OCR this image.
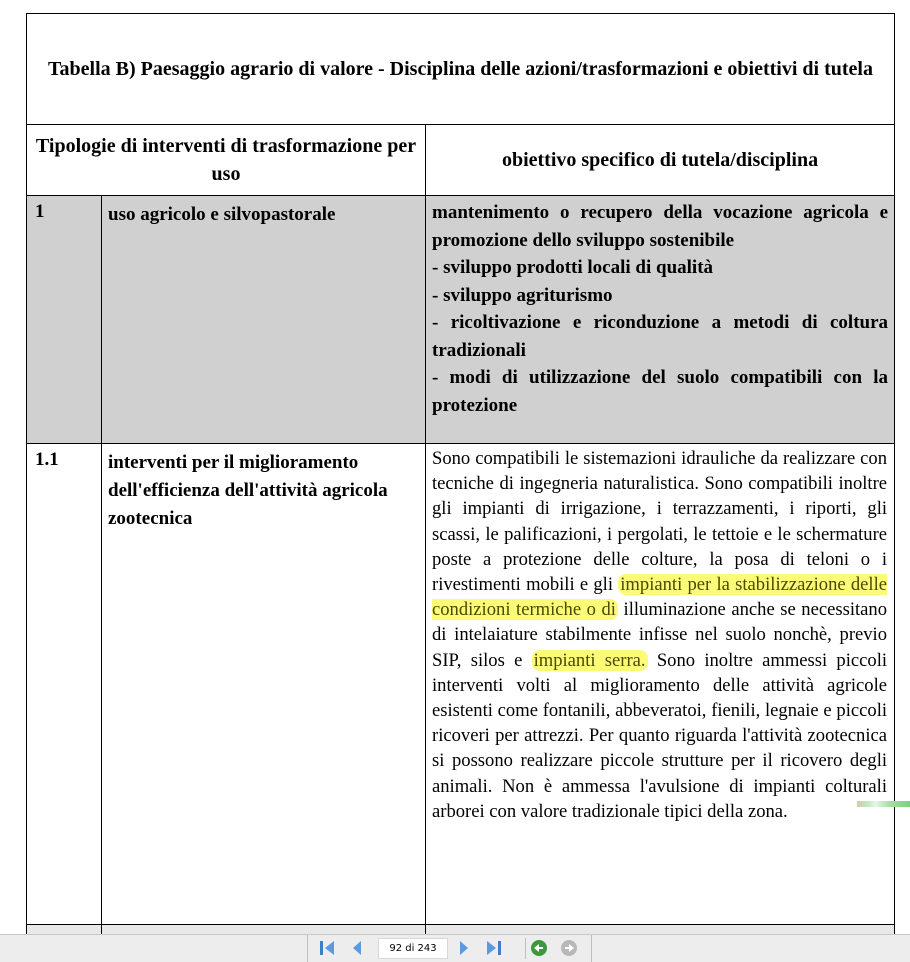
Tabella B) Paesaggio agrario di valore - Disciplina delle azioni/trasformazioni e obiettivi di tutela		
Tipologie di interventi di trasformazione per uso		obiettivo specifico di tutela/disciplina
1	uso agricolo e silvopastorale	mantenimento o recupero della vocazione agricola e promozione dello sviluppo sostenibile

- sviluppo prodotti locali di qualità

- sviluppo agriturismo

- ricoltivazione e riconduzione a metodi di coltura tradizionali

- modi di utilizzazione del suolo compatibili con la protezione

1.1	interventi per il miglioramento dell'efficienza dell'attività agricola zootecnica	Sono compatibili le sistemazioni idrauliche da realizzare con tecniche di ingegneria naturalistica. Sono compatibili inoltre gli impianti di irrigazione, i terrazzamenti, i riporti, gli scassi, le palificazioni, i pergolati, le tettoie e le schermature poste a protezione delle colture, la posa di teloni o i rivestimenti mobili e gli impianti per la stabilizzazione delle condizioni termiche o di illuminazione anche se necessitano di intelaiature stabilmente infisse nel suolo nonchè, previo SIP, silos e impianti serra. Sono inoltre ammessi piccoli interventi volti al miglioramento delle attività agricole esistenti come fontanili, abbeveratoi, fienili, legnaie e piccoli ricoveri per attrezzi. Per quanto riguarda l'attività zootecnica si possono realizzare piccole strutture per il ricovero degli animali. Non è ammessa l'avulsione di impianti colturali arborei con valore tradizionale tipici della zona.

92 di 243
